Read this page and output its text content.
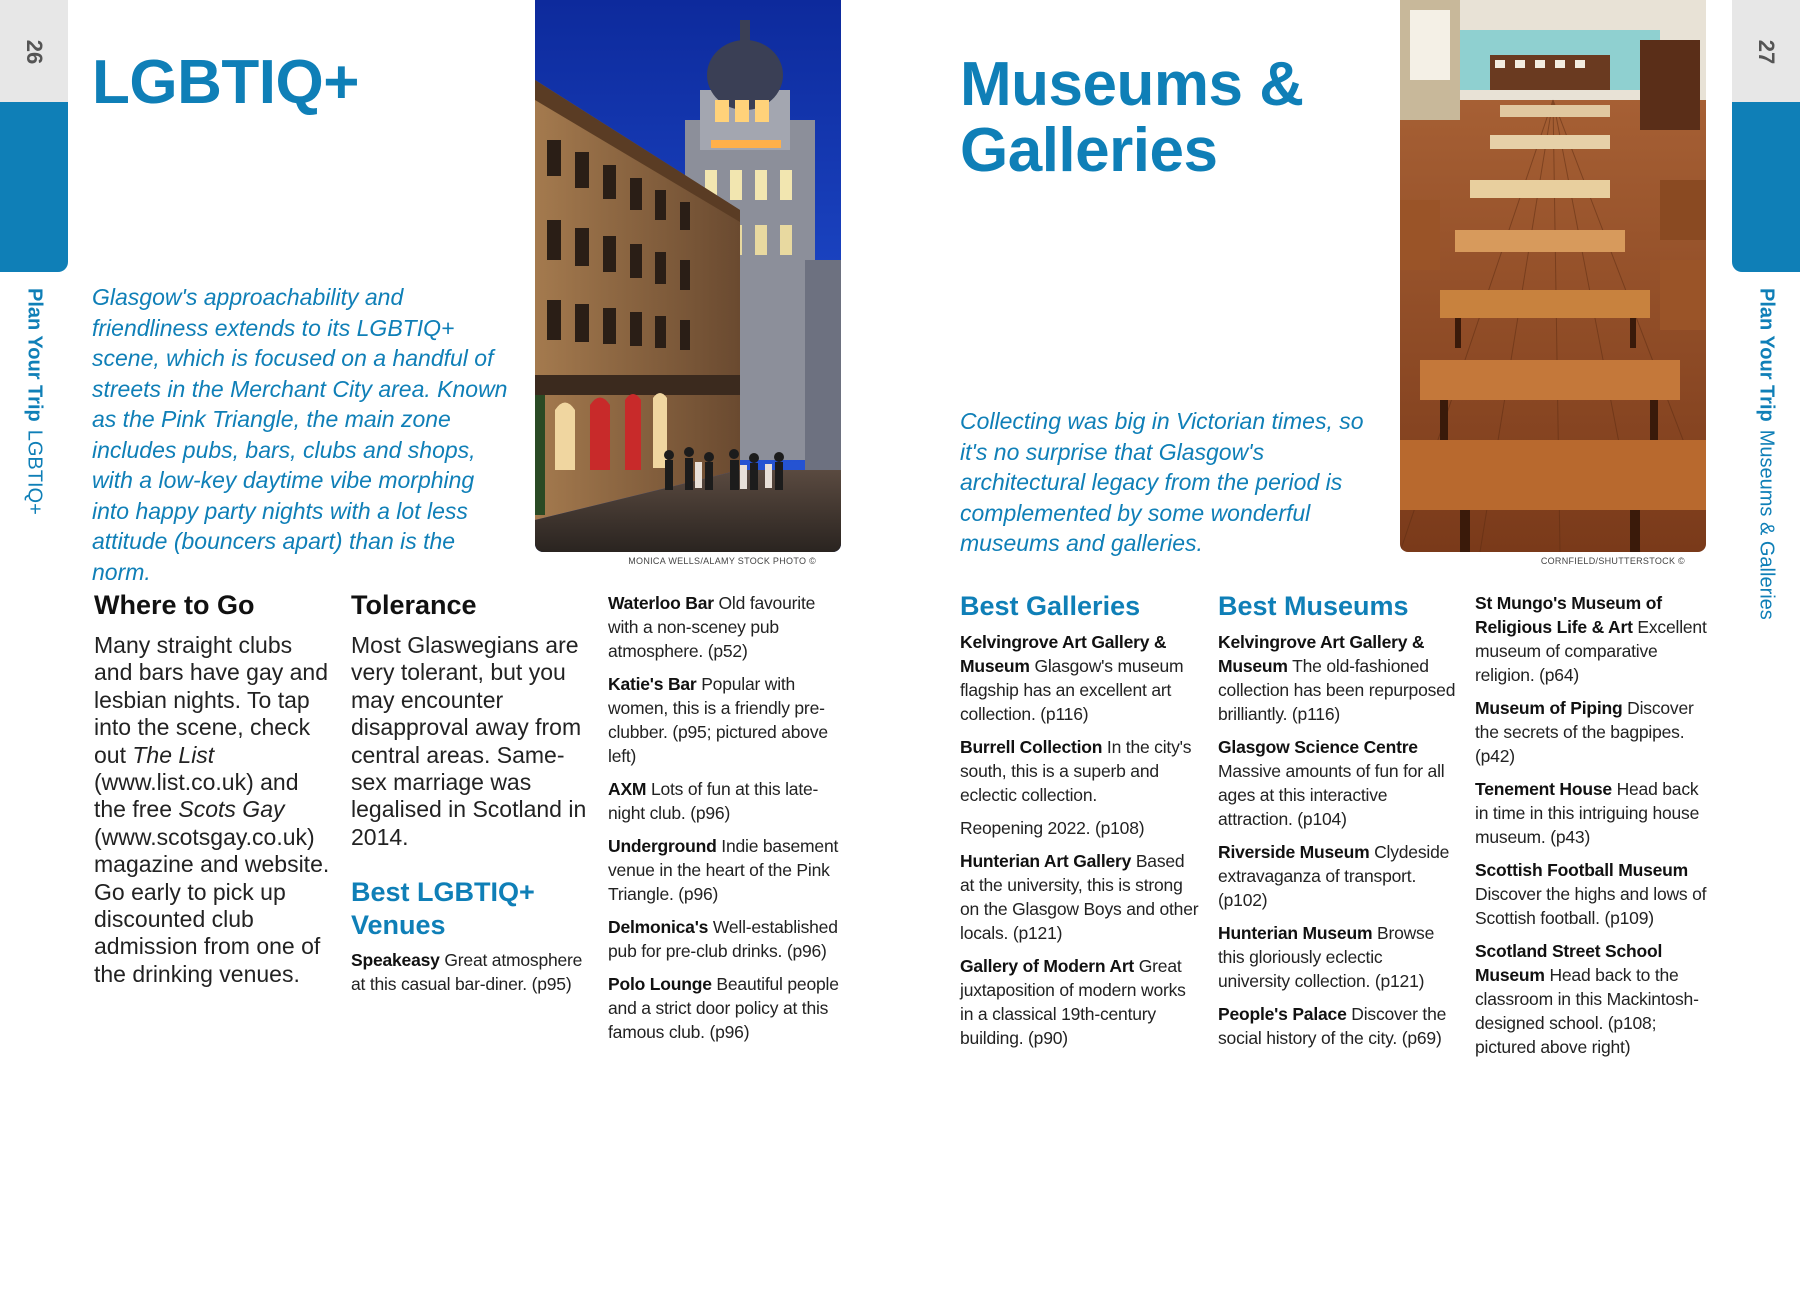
26
Plan Your TripLGBTIQ+
27
Plan Your TripMuseums & Galleries
LGBTIQ+

Glasgow's approachability and friendliness extends to its LGBTIQ+ scene, which is focused on a handful of streets in the Merchant City area. Known as the Pink Triangle, the main zone includes pubs, bars, clubs and shops, with a low-key daytime vibe morphing into happy party nights with a lot less attitude (bouncers apart) than is the norm.	MONICA WELLS/ALAMY STOCK PHOTO ©
Where to Go

Many straight clubs and bars have gay and lesbian nights. To tap into the scene, check out The List (www.list.co.uk) and the free Scots Gay (www.scotsgay.co.uk) magazine and website. Go early to pick up discounted club admission from one of the drinking venues.

Tolerance

Most Glaswegians are very tolerant, but you may encounter disapproval away from central areas. Same-sex marriage was legalised in Scotland in 2014.

Best LGBTIQ+ Venues
Speakeasy Great atmosphere at this casual bar-diner. (p95)
Waterloo Bar Old favourite with a non-sceney pub atmosphere. (p52)
Katie's Bar Popular with women, this is a friendly pre-clubber. (p95; pictured above left)
AXM Lots of fun at this late-night club. (p96)
Underground Indie basement venue in the heart of the Pink Triangle. (p96)
Delmonica's Well-established pub for pre-club drinks. (p96)
Polo Lounge Beautiful people and a strict door policy at this famous club. (p96)
Museums &
Galleries

Collecting was big in Victorian times, so it's no surprise that Glasgow's architectural legacy from the period is complemented by some wonderful museums and galleries.

CORNFIELD/SHUTTERSTOCK ©
Best Galleries
Kelvingrove Art Gallery & Museum Glasgow's museum flagship has an excellent art collection. (p116)
Burrell Collection In the city's south, this is a superb and eclectic collection.
Reopening 2022. (p108)
Hunterian Art Gallery Based at the university, this is strong on the Glasgow Boys and other locals. (p121)
Gallery of Modern Art Great juxtaposition of modern works in a classical 19th-century building. (p90)
Best Museums
Kelvingrove Art Gallery & Museum The old-fashioned collection has been repurposed brilliantly. (p116)
Glasgow Science Centre Massive amounts of fun for all ages at this interactive attraction. (p104)
Riverside Museum Clydeside extravaganza of transport. (p102)
Hunterian Museum Browse this gloriously eclectic university collection. (p121)
People's Palace Discover the social history of the city. (p69)
St Mungo's Museum of Religious Life & Art Excellent museum of comparative religion. (p64)
Museum of Piping Discover the secrets of the bagpipes. (p42)
Tenement House Head back in time in this intriguing house museum. (p43)
Scottish Football Museum Discover the highs and lows of Scottish football. (p109)
Scotland Street School Museum Head back to the classroom in this Mackintosh-designed school. (p108; pictured above right)
